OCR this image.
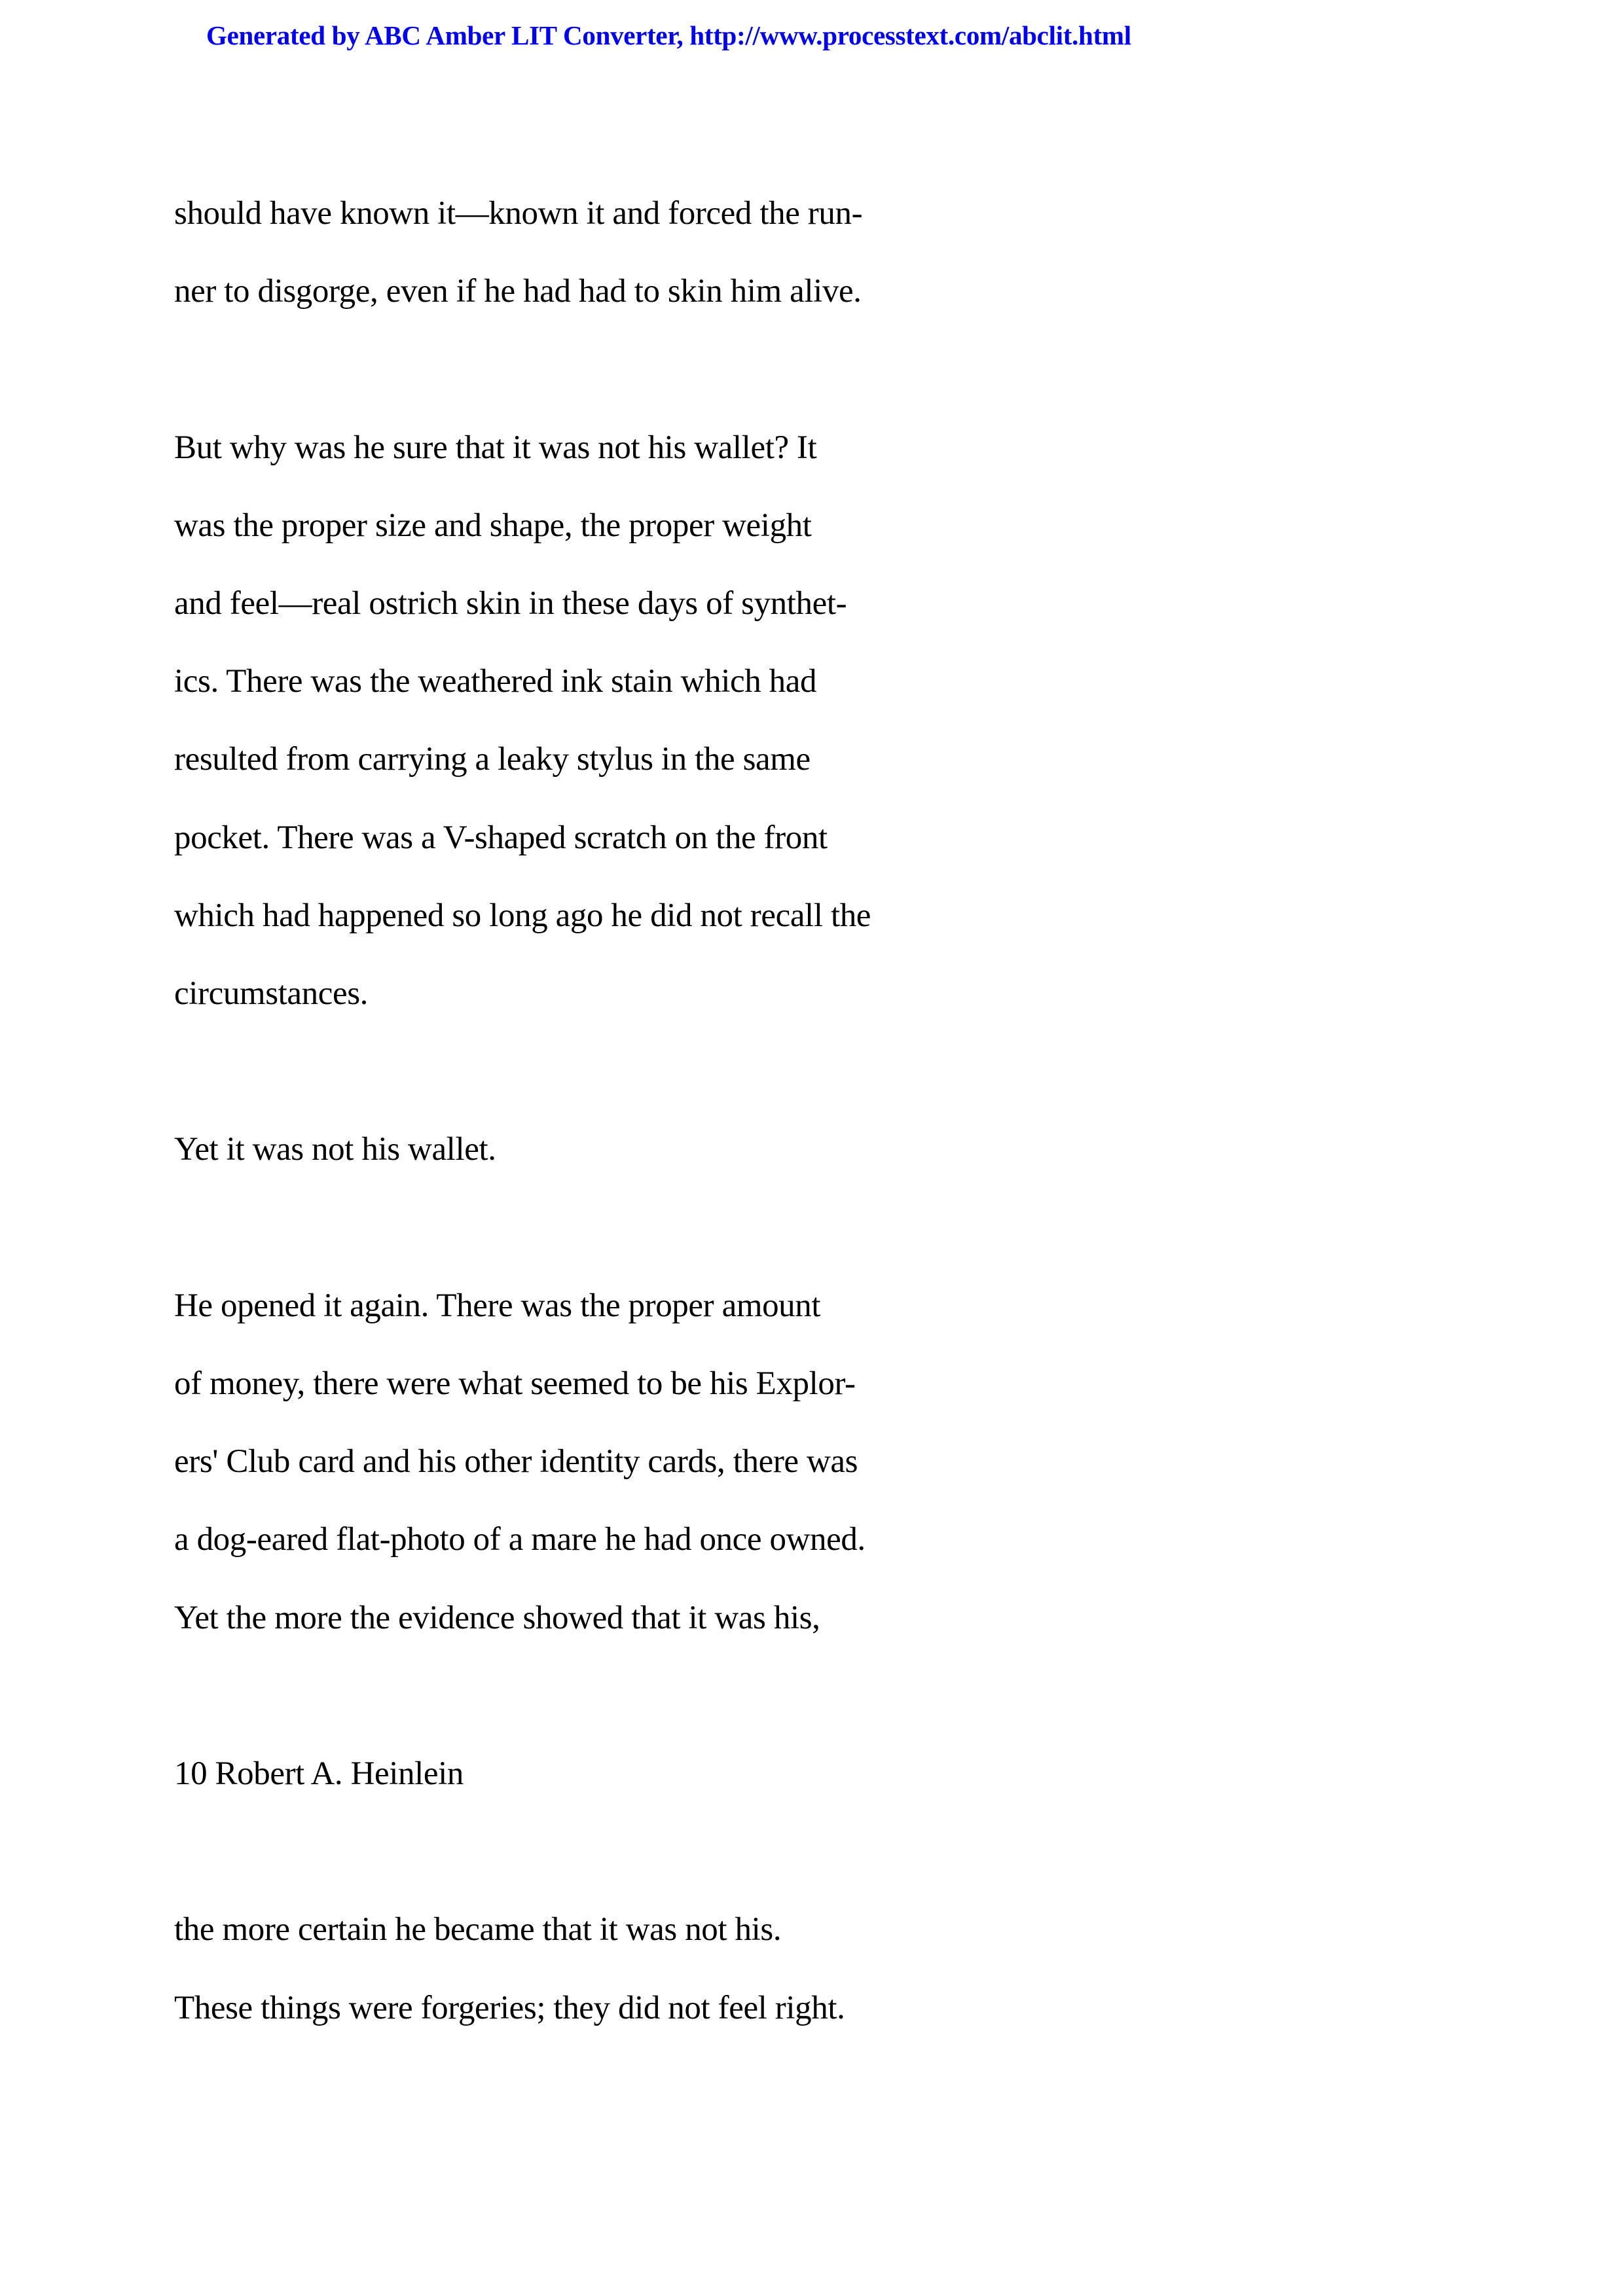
Generated by ABC Amber LIT Converter, http://www.processtext.com/abclit.html
should have known it—known it and forced the run-
ner to disgorge, even if he had had to skin him alive.
But why was he sure that it was not his wallet? It
was the proper size and shape, the proper weight
and feel—real ostrich skin in these days of synthet-
ics. There was the weathered ink stain which had
resulted from carrying a leaky stylus in the same
pocket. There was a V-shaped scratch on the front
which had happened so long ago he did not recall the
circumstances.
Yet it was not his wallet.
He opened it again. There was the proper amount
of money, there were what seemed to be his Explor-
ers' Club card and his other identity cards, there was
a dog-eared flat-photo of a mare he had once owned.
Yet the more the evidence showed that it was his,
10 Robert A. Heinlein
the more certain he became that it was not his.
These things were forgeries; they did not feel right.
